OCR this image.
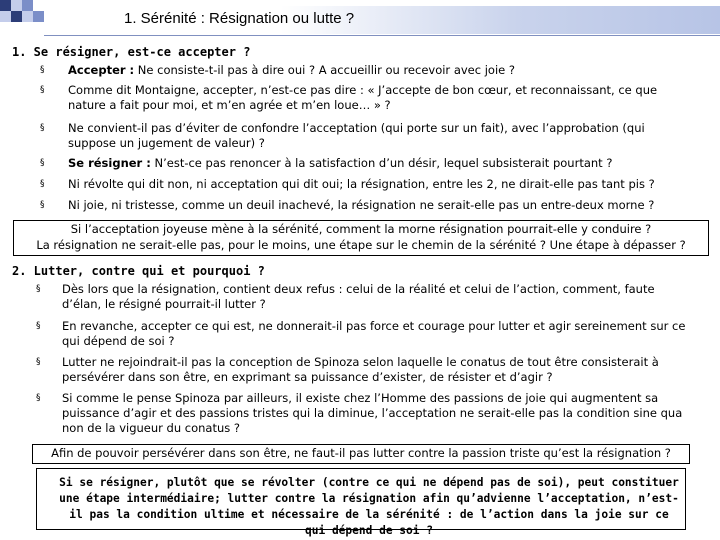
1. Sérénité : Résignation ou lutte ?
1. Se résigner, est-ce accepter ?
§ Accepter : Ne consiste-t-il pas à dire oui ? A accueillir ou recevoir avec joie ?
§ Comme dit Montaigne, accepter, n’est-ce pas dire : « J’accepte de bon cœur, et reconnaissant, ce que nature a fait pour moi, et m’en agrée et m’en loue… » ?
§ Ne convient-il pas d’éviter de confondre l’acceptation (qui porte sur un fait), avec l’approbation (qui suppose un jugement de valeur) ?
§ Se résigner : N’est-ce pas renoncer à la satisfaction d’un désir, lequel subsisterait pourtant ?
§ Ni révolte qui dit non, ni acceptation qui dit oui; la résignation, entre les 2, ne dirait-elle pas tant pis ?
§ Ni joie, ni tristesse, comme un deuil inachevé, la résignation ne serait-elle pas un entre-deux morne ?
Si l’acceptation joyeuse mène à la sérénité, comment la morne résignation pourrait-elle y conduire ?
La résignation ne serait-elle pas, pour le moins, une étape sur le chemin de la sérénité ? Une étape à dépasser ?
2. Lutter, contre qui et pourquoi ?
§ Dès lors que la résignation, contient deux refus : celui de la réalité et celui de l’action, comment, faute d’élan, le résigné pourrait-il lutter ?
§ En revanche, accepter ce qui est, ne donnerait-il pas force et courage pour lutter et agir sereinement sur ce qui dépend de soi ?
§ Lutter ne rejoindrait-il pas la conception de Spinoza selon laquelle le conatus de tout être consisterait à persévérer dans son être, en exprimant sa puissance d’exister, de résister et d’agir ?
§ Si comme le pense Spinoza par ailleurs, il existe chez l’Homme des passions de joie qui augmentent sa puissance d’agir et des passions tristes qui la diminue, l’acceptation ne serait-elle pas la condition sine qua non de la vigueur du conatus ?
Afin de pouvoir persévérer dans son être, ne faut-il pas lutter contre la passion triste qu’est la résignation ?
Si se résigner, plutôt que se révolter (contre ce qui ne dépend pas de soi), peut constituer une étape intermédiaire; lutter contre la résignation afin qu’advienne l’acceptation, n’est-il pas la condition ultime et nécessaire de la sérénité : de l’action dans la joie sur ce qui dépend de soi ?
